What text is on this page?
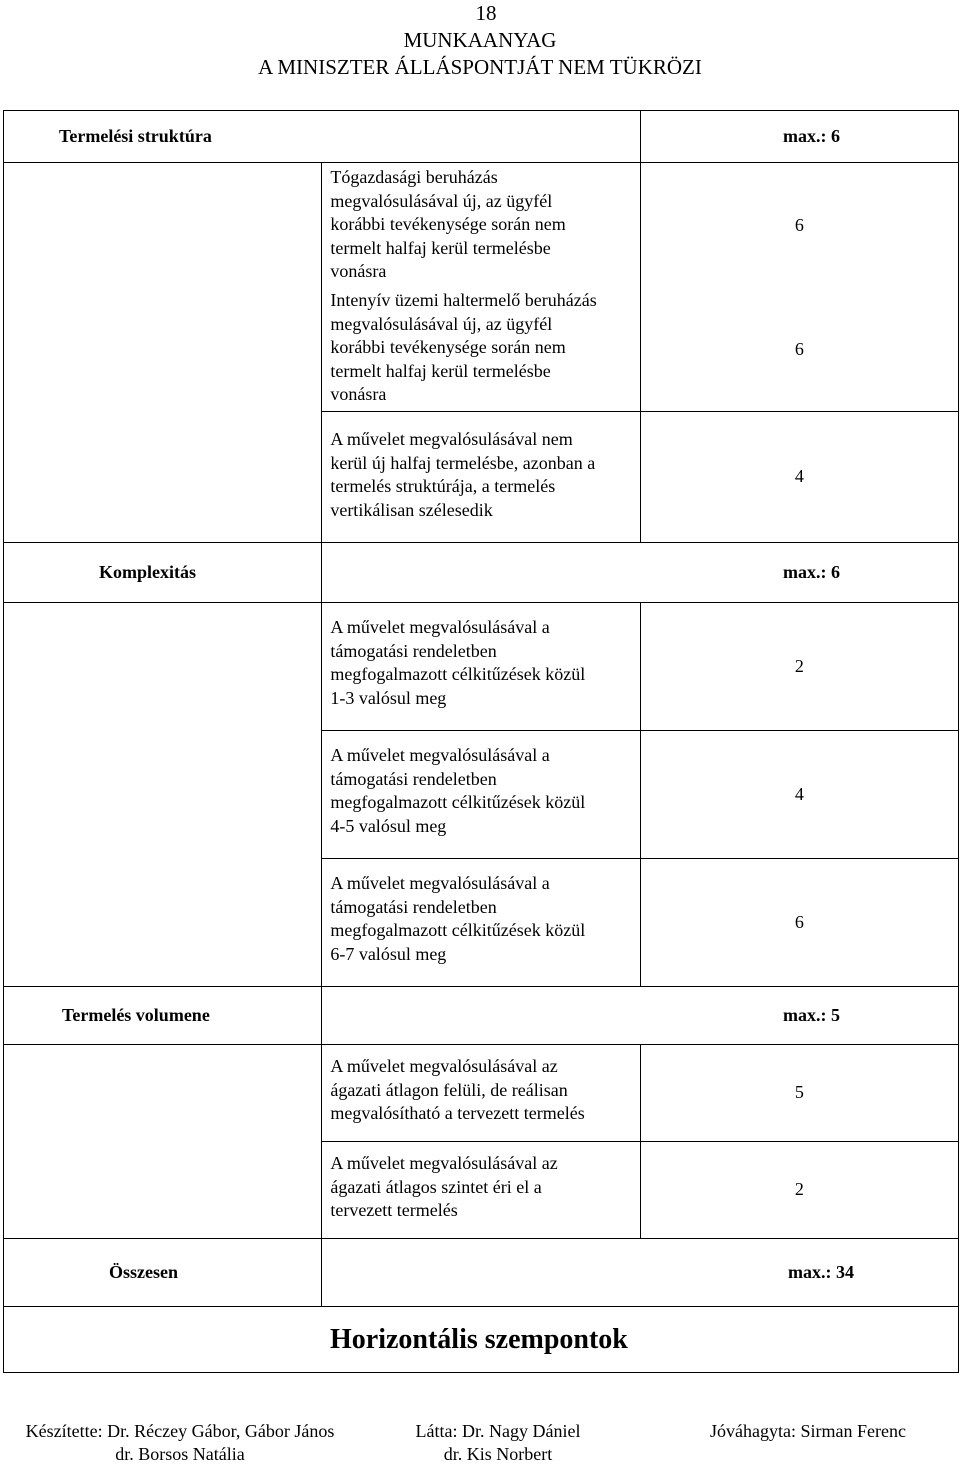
18
MUNKAANYAG
A MINISZTER ÁLLÁSPONTJÁT NEM TÜKRÖZI
Termelési struktúra		max.: 6

	Tógazdasági beruházás
megvalósulásával új, az ügyfél
korábbi tevékenysége során nem
termelt halfaj kerül termelésbe
vonásra	6

	Intenyív üzemi haltermelő beruházás
megvalósulásával új, az ügyfél
korábbi tevékenysége során nem
termelt halfaj kerül termelésbe
vonásra	6

	A művelet megvalósulásával nem
kerül új halfaj termelésbe, azonban a
termelés struktúrája, a termelés
vertikálisan szélesedik	4
Komplexitás	max.: 6	

	A művelet megvalósulásával a
támogatási rendeletben
megfogalmazott célkitűzések közül
1-3 valósul meg	2

	A művelet megvalósulásával a
támogatási rendeletben
megfogalmazott célkitűzések közül
4-5 valósul meg	4

	A művelet megvalósulásával a
támogatási rendeletben
megfogalmazott célkitűzések közül
6-7 valósul meg	6
Termelés volumene	max.: 5	

	A művelet megvalósulásával az
ágazati átlagon felüli, de reálisan
megvalósítható a tervezett termelés	5

	A művelet megvalósulásával az
ágazati átlagos szintet éri el a
tervezett termelés	2
Összesen	max.: 34	
Horizontális szempontok		
Készítette: Dr. Réczey Gábor, Gábor János
dr. Borsos Natália
Látta: Dr. Nagy Dániel
dr. Kis Norbert
Jóváhagyta: Sirman Ferenc
